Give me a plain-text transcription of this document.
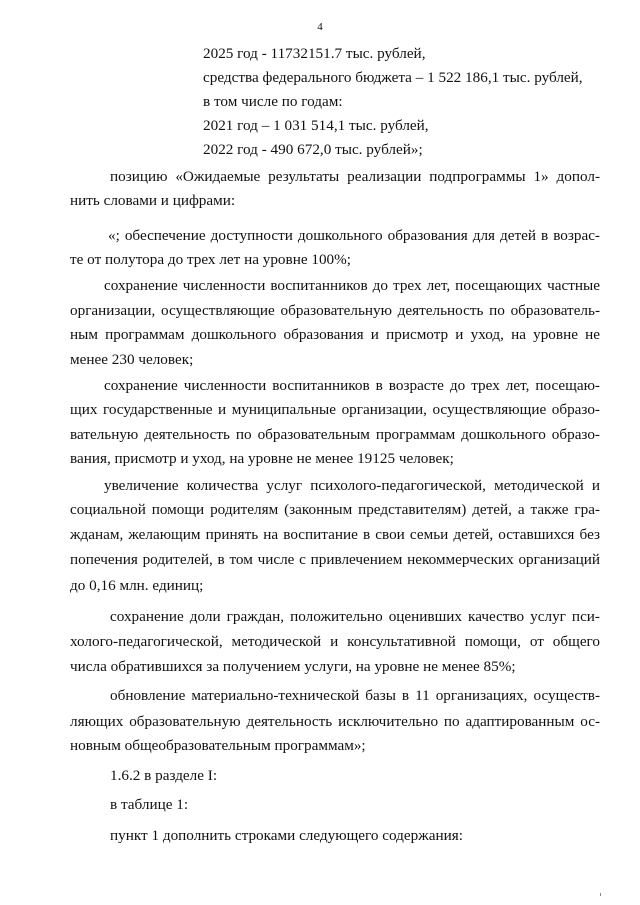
4
2025 год - 11732151.7 тыс. рублей,
средства федерального бюджета – 1 522 186,1 тыс. рублей,
в том числе по годам:
2021 год – 1 031 514,1 тыс. рублей,
2022 год - 490 672,0 тыс. рублей»;
позицию «Ожидаемые результаты реализации подпрограммы 1» допол-
нить словами и цифрами:
«; обеспечение доступности дошкольного образования для детей в возрас-
те от полутора до трех лет на уровне 100%;
сохранение численности воспитанников до трех лет, посещающих частные
организации, осуществляющие образовательную деятельность по образователь-
ным программам дошкольного образования и присмотр и уход, на уровне не
менее 230 человек;
сохранение численности воспитанников в возрасте до трех лет, посещаю-
щих государственные и муниципальные организации, осуществляющие образо-
вательную деятельность по образовательным программам дошкольного образо-
вания, присмотр и уход, на уровне не менее 19125 человек;
увеличение количества услуг психолого-педагогической, методической и
социальной помощи родителям (законным представителям) детей, а также гра-
жданам, желающим принять на воспитание в свои семьи детей, оставшихся без
попечения родителей, в том числе с привлечением некоммерческих организаций
до 0,16 млн. единиц;
сохранение доли граждан, положительно оценивших качество услуг пси-
холого-педагогической, методической и консультативной помощи, от общего
числа обратившихся за получением услуги, на уровне не менее 85%;
обновление материально-технической базы в 11 организациях, осуществ-
ляющих образовательную деятельность исключительно по адаптированным ос-
новным общеобразовательным программам»;
1.6.2 в разделе I:
в таблице 1:
пункт 1 дополнить строками следующего содержания:
